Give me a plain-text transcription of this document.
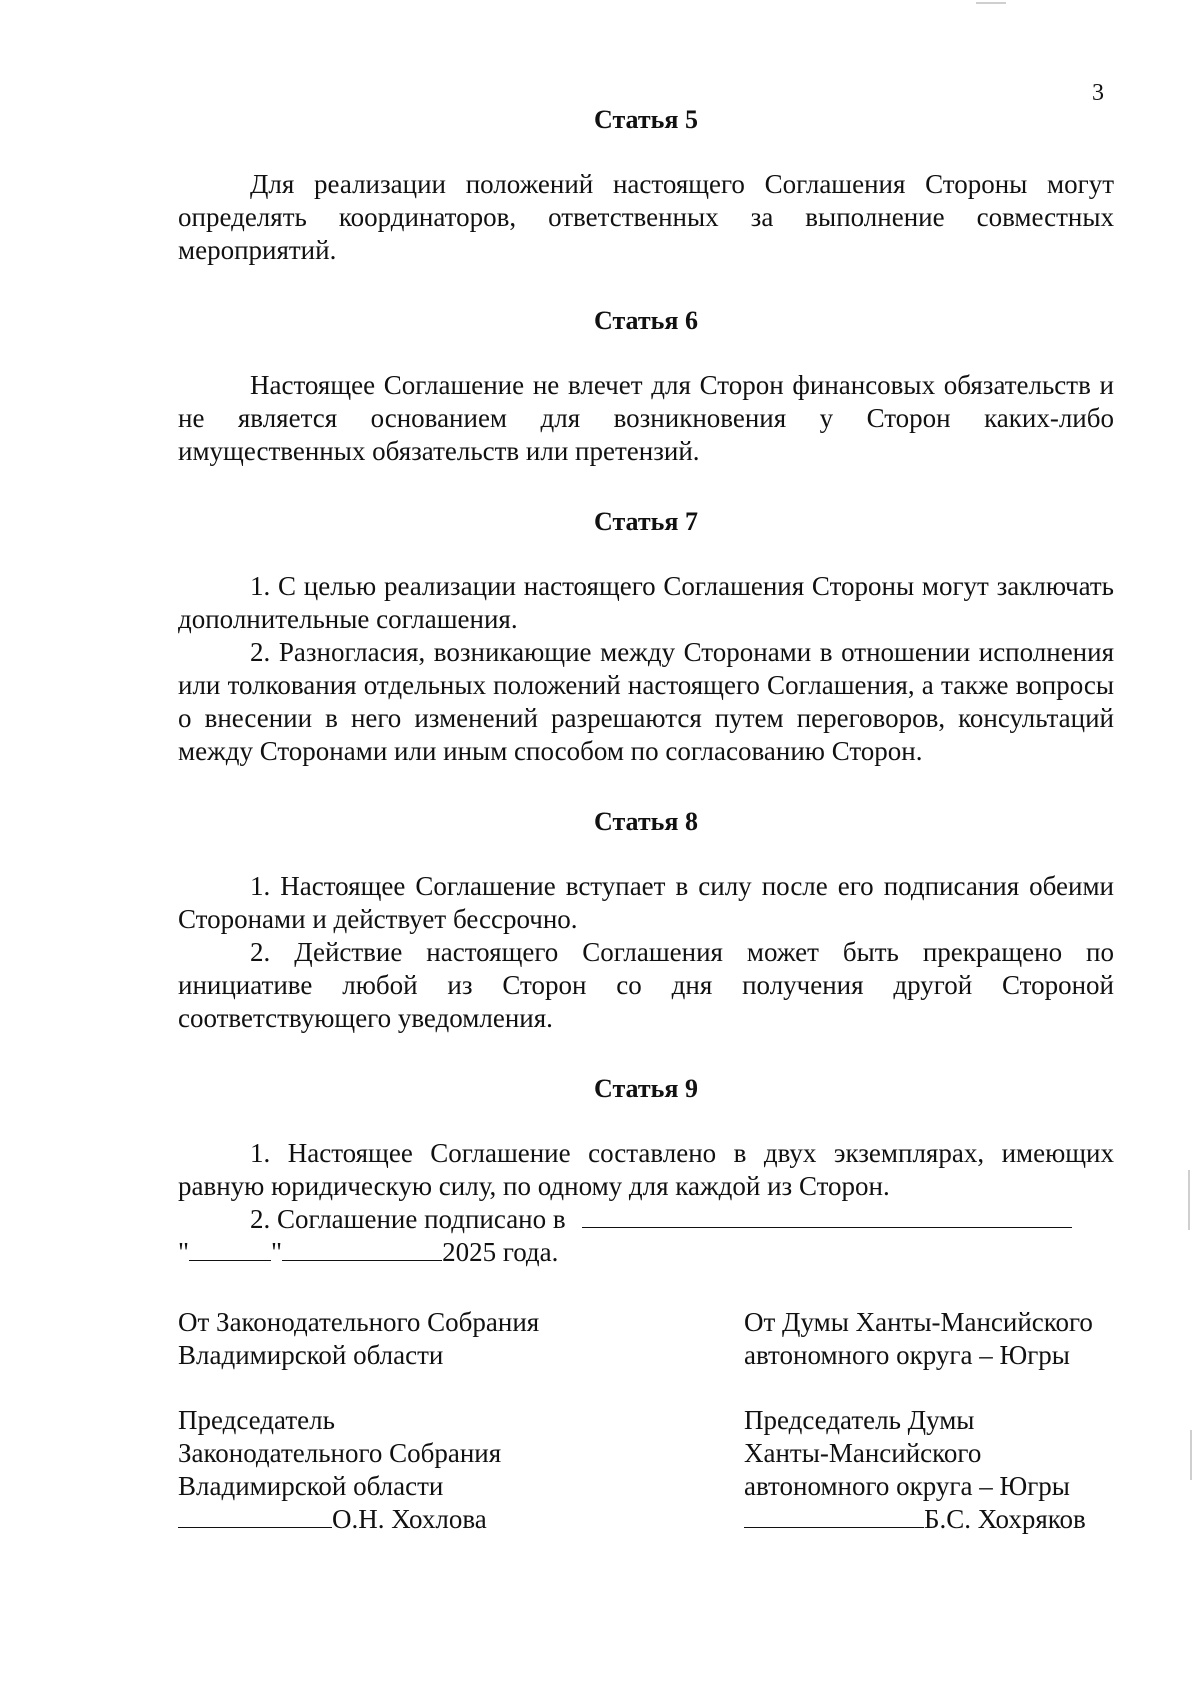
3
Статья 5

Для реализации положений настоящего Соглашения Стороны могут определять координаторов, ответственных за выполнение совместных мероприятий.

Статья 6

Настоящее Соглашение не влечет для Сторон финансовых обязательств и не является основанием для возникновения у Сторон каких-либо имущественных обязательств или претензий.

Статья 7

1. С целью реализации настоящего Соглашения Стороны могут заключать дополнительные соглашения.

2. Разногласия, возникающие между Сторонами в отношении исполнения или толкования отдельных положений настоящего Соглашения, а также вопросы о внесении в него изменений разрешаются путем переговоров, консультаций между Сторонами или иным способом по согласованию Сторон.

Статья 8

1. Настоящее Соглашение вступает в силу после его подписания обеими Сторонами и действует бессрочно.

2. Действие настоящего Соглашения может быть прекращено по инициативе любой из Сторон со дня получения другой Стороной соответствующего уведомления.

Статья 9

1. Настоящее Соглашение составлено в двух экземплярах, имеющих равную юридическую силу, по одному для каждой из Сторон.

2. Соглашение подписано в

"	"	2025 года.

От Законодательного Собрания

Владимирской области

Председатель

Законодательного Собрания

Владимирской области

О.Н. Хохлова

От Думы Ханты-Мансийского

автономного округа – Югры

Председатель Думы

Ханты-Мансийского

автономного округа – Югры

Б.С. Хохряков
